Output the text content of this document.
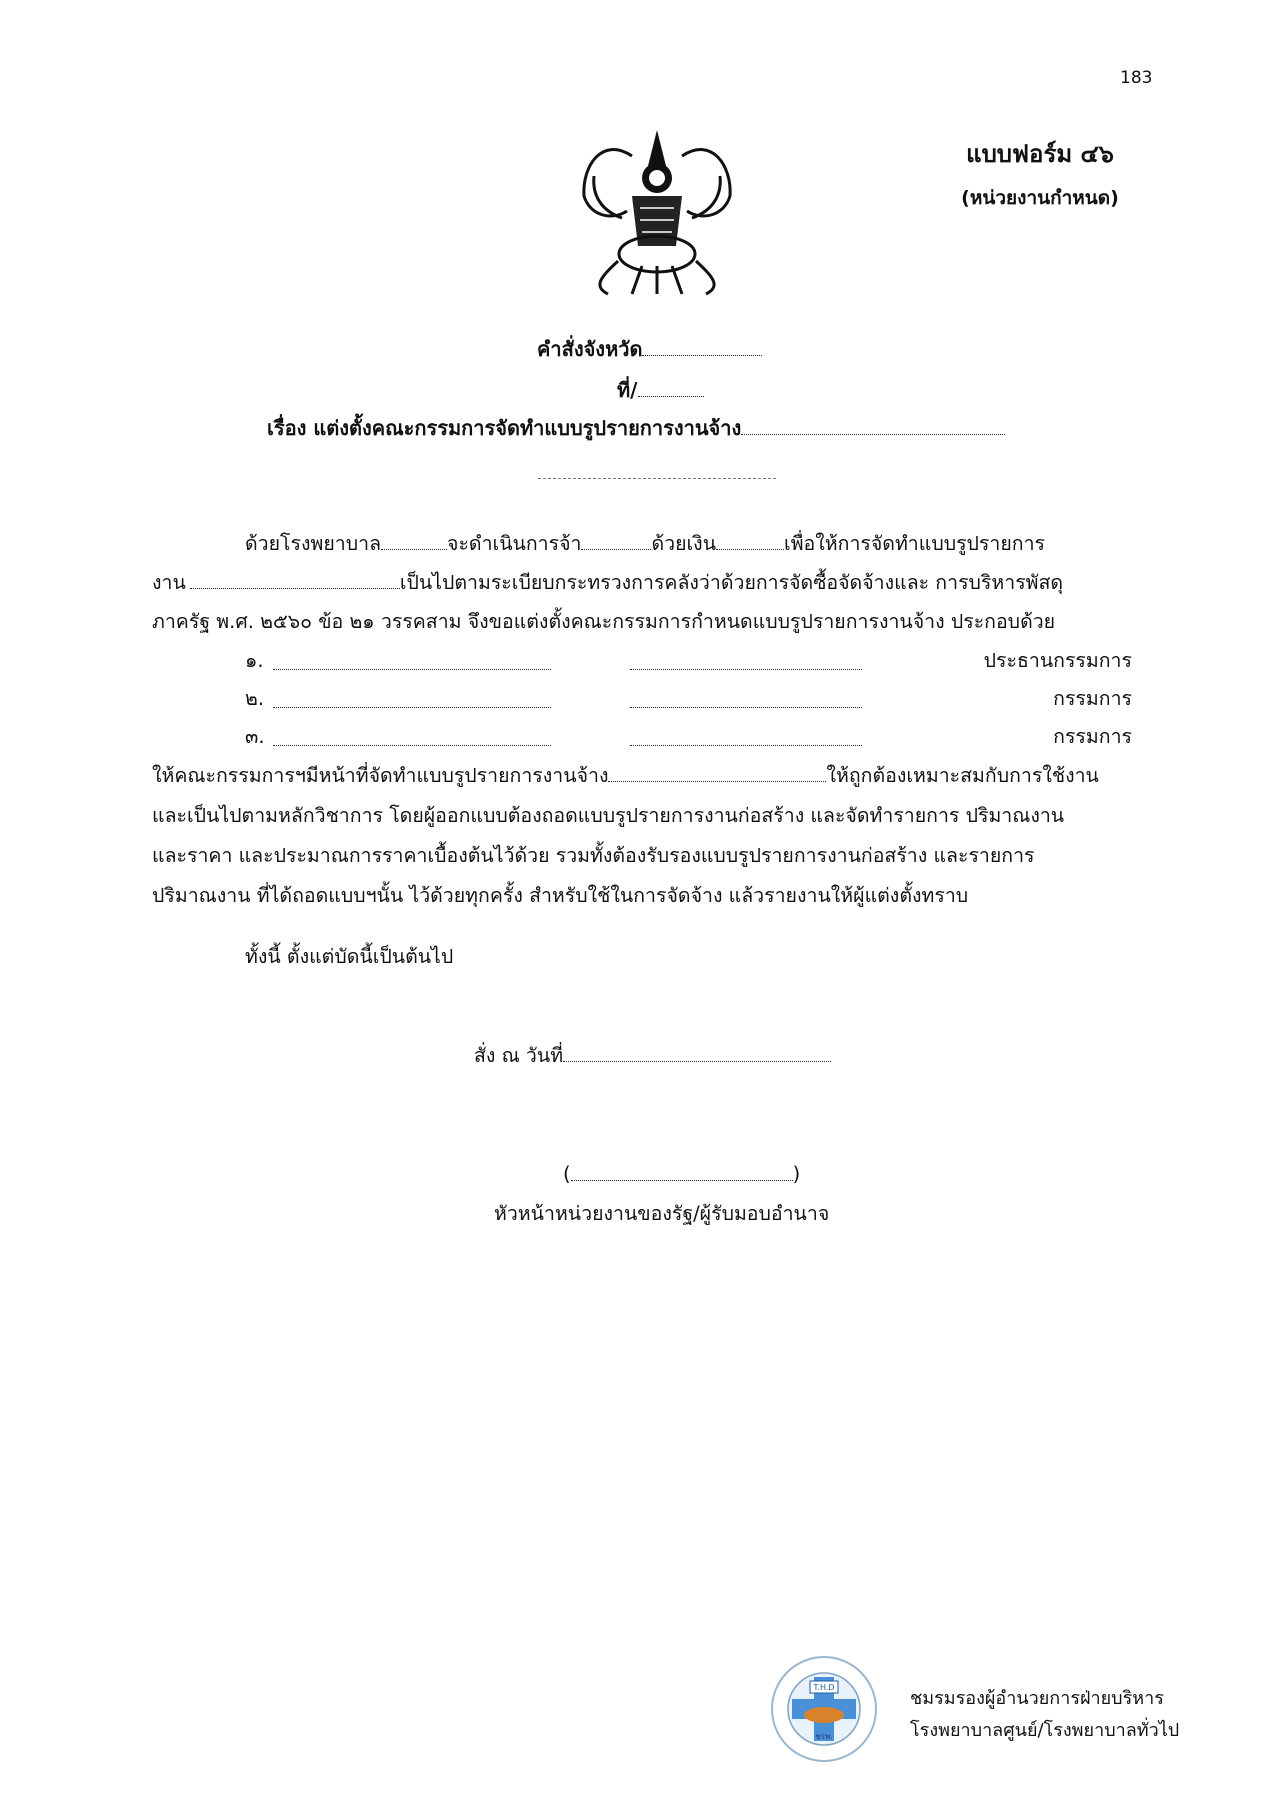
183
แบบฟอร์ม ๔๖
(หน่วยงานกำหนด)
คำสั่งจังหวัด
ที่/
เรื่อง แต่งตั้งคณะกรรมการจัดทำแบบรูปรายการงานจ้าง
ด้วยโรงพยาบาล	จะดำเนินการจ้า	ด้วยเงิน	เพื่อให้การจัดทำแบบรูปรายการ
งาน	เป็นไปตามระเบียบกระทรวงการคลังว่าด้วยการจัดซื้อจัดจ้างและ การบริหารพัสดุ
ภาครัฐ พ.ศ. ๒๕๖๐ ข้อ ๒๑ วรรคสาม จึงขอแต่งตั้งคณะกรรมการกำหนดแบบรูปรายการงานจ้าง ประกอบด้วย
๑.	ประธานกรรมการ
๒.	กรรมการ
๓.	กรรมการ
ให้คณะกรรมการฯมีหน้าที่จัดทำแบบรูปรายการงานจ้าง	ให้ถูกต้องเหมาะสมกับการใช้งาน
และเป็นไปตามหลักวิชาการ โดยผู้ออกแบบต้องถอดแบบรูปรายการงานก่อสร้าง และจัดทำรายการ ปริมาณงาน
และราคา และประมาณการราคาเบื้องต้นไว้ด้วย รวมทั้งต้องรับรองแบบรูปรายการงานก่อสร้าง และรายการ
ปริมาณงาน ที่ได้ถอดแบบฯนั้น ไว้ด้วยทุกครั้ง สำหรับใช้ในการจัดจ้าง แล้วรายงานให้ผู้แต่งตั้งทราบ
ทั้งนี้ ตั้งแต่บัดนี้เป็นต้นไป
สั่ง ณ วันที่
(	)
หัวหน้าหน่วยงานของรัฐ/ผู้รับมอบอำนาจ
T.H.D
ชรพ.
ชมรมรองผู้อำนวยการฝ่ายบริหาร
โรงพยาบาลศูนย์/โรงพยาบาลทั่วไป
